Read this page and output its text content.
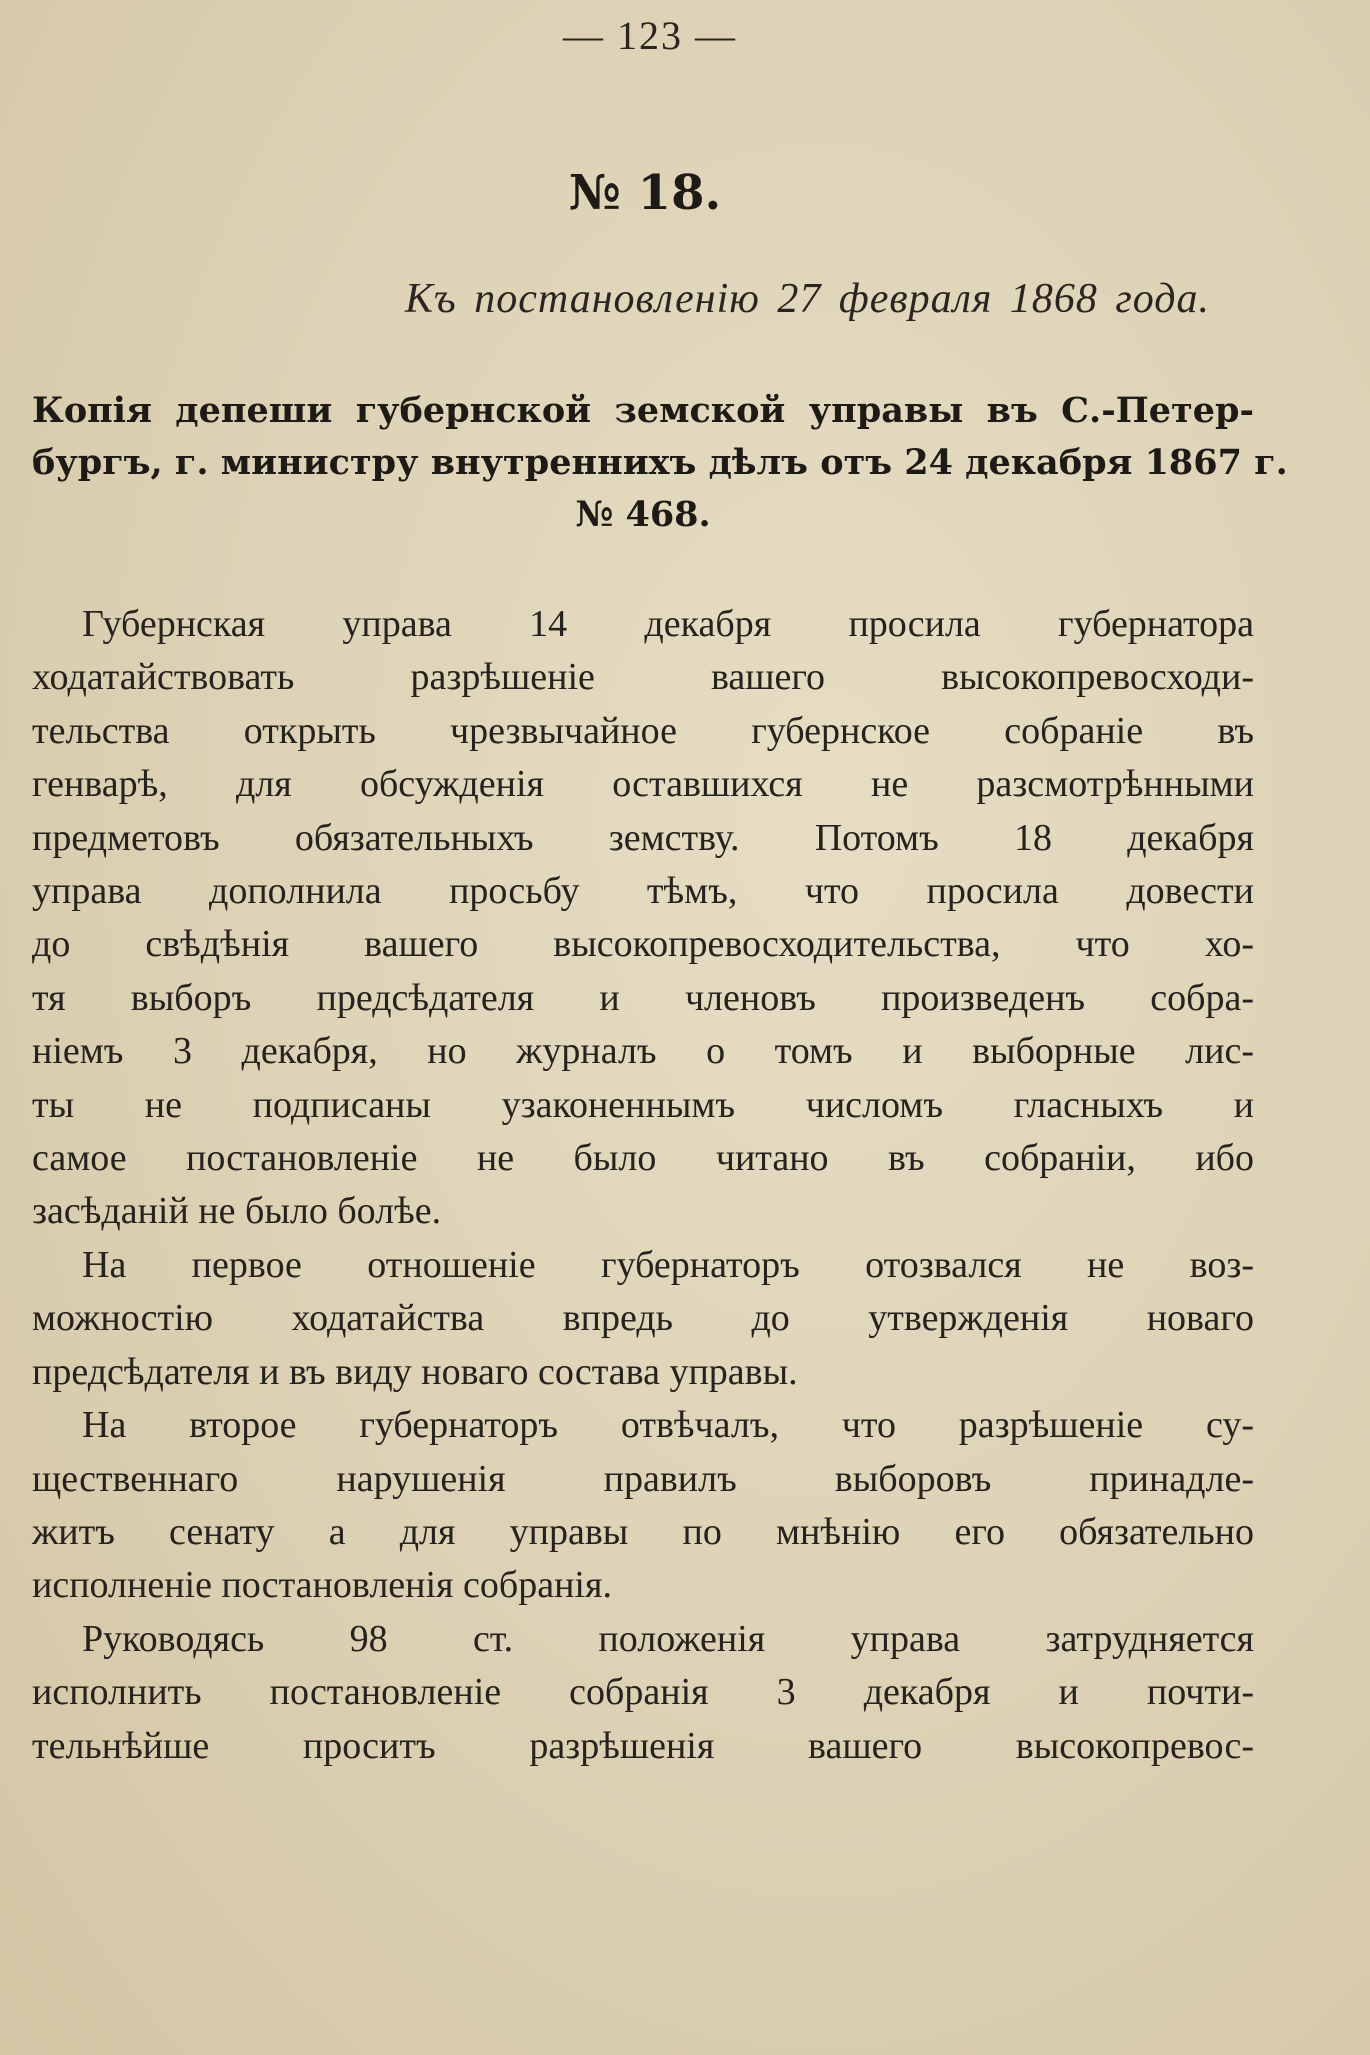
— 123 —
№ 18.
Къ постановленію 27 февраля 1868 года.
Копія депеши губернской земской управы въ С.-Петер-
бургъ, г. министру внутреннихъ дѣлъ отъ 24 декабря 1867 г.
№ 468.
Губернская управа 14 декабря просила губернатора
ходатайствовать разрѣшеніе вашего высокопревосходи-
тельства открыть чрезвычайное губернское собраніе въ
генварѣ, для обсужденія оставшихся не разсмотрѣнными
предметовъ обязательныхъ земству. Потомъ 18 декабря
управа дополнила просьбу тѣмъ, что просила довести
до свѣдѣнія вашего высокопревосходительства, что хо-
тя выборъ предсѣдателя и членовъ произведенъ собра-
ніемъ 3 декабря, но журналъ о томъ и выборные лис-
ты не подписаны узаконеннымъ числомъ гласныхъ и
самое постановленіе не было читано въ собраніи, ибо
засѣданій не было болѣе.
На первое отношеніе губернаторъ отозвался не воз-
можностію ходатайства впредь до утвержденія новаго
предсѣдателя и въ виду новаго состава управы.
На второе губернаторъ отвѣчалъ, что разрѣшеніе су-
щественнаго нарушенія правилъ выборовъ принадле-
житъ сенату а для управы по мнѣнію его обязательно
исполненіе постановленія собранія.
Руководясь 98 ст. положенія управа затрудняется
исполнить постановленіе собранія 3 декабря и почти-
тельнѣйше проситъ разрѣшенія вашего высокопревос-
